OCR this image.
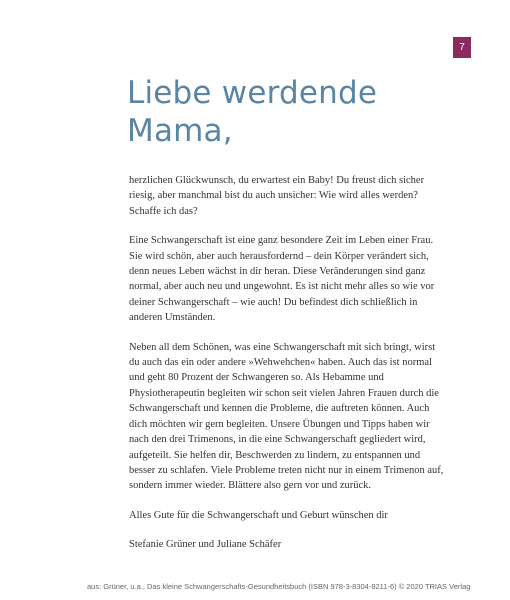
7
Liebe werdende
Mama,

herzlichen Glückwunsch, du erwartest ein Baby! Du freust dich sicher riesig, aber manchmal bist du auch unsicher: Wie wird alles werden? Schaffe ich das?

Eine Schwangerschaft ist eine ganz besondere Zeit im Leben einer Frau. Sie wird schön, aber auch herausfordernd – dein Körper verändert sich, denn neues Leben wächst in dir heran. Diese Veränderungen sind ganz normal, aber auch neu und ungewohnt. Es ist nicht mehr alles so wie vor deiner Schwangerschaft – wie auch! Du befindest dich schließlich in anderen Umständen.

Neben all dem Schönen, was eine Schwangerschaft mit sich bringt, wirst du auch das ein oder andere »Wehwehchen« haben. Auch das ist normal und geht 80 Prozent der Schwangeren so. Als Hebamme und Physiotherapeutin begleiten wir schon seit vielen Jahren Frauen durch die Schwangerschaft und kennen die Probleme, die auftreten können. Auch dich möchten wir gern begleiten. Unsere Übungen und Tipps haben wir nach den drei Trimenons, in die eine Schwangerschaft gegliedert wird, aufgeteilt. Sie helfen dir, Beschwerden zu lindern, zu entspannen und besser zu schlafen. Viele Probleme treten nicht nur in einem Trimenon auf, sondern immer wieder. Blättere also gern vor und zurück.

Alles Gute für die Schwangerschaft und Geburt wünschen dir

Stefanie Grüner und Juliane Schäfer

aus: Grüner, u.a., Das kleine Schwangerschafts-Gesundheitsbuch (ISBN 978-3-8304-8211-6) © 2020 TRIAS Verlag
